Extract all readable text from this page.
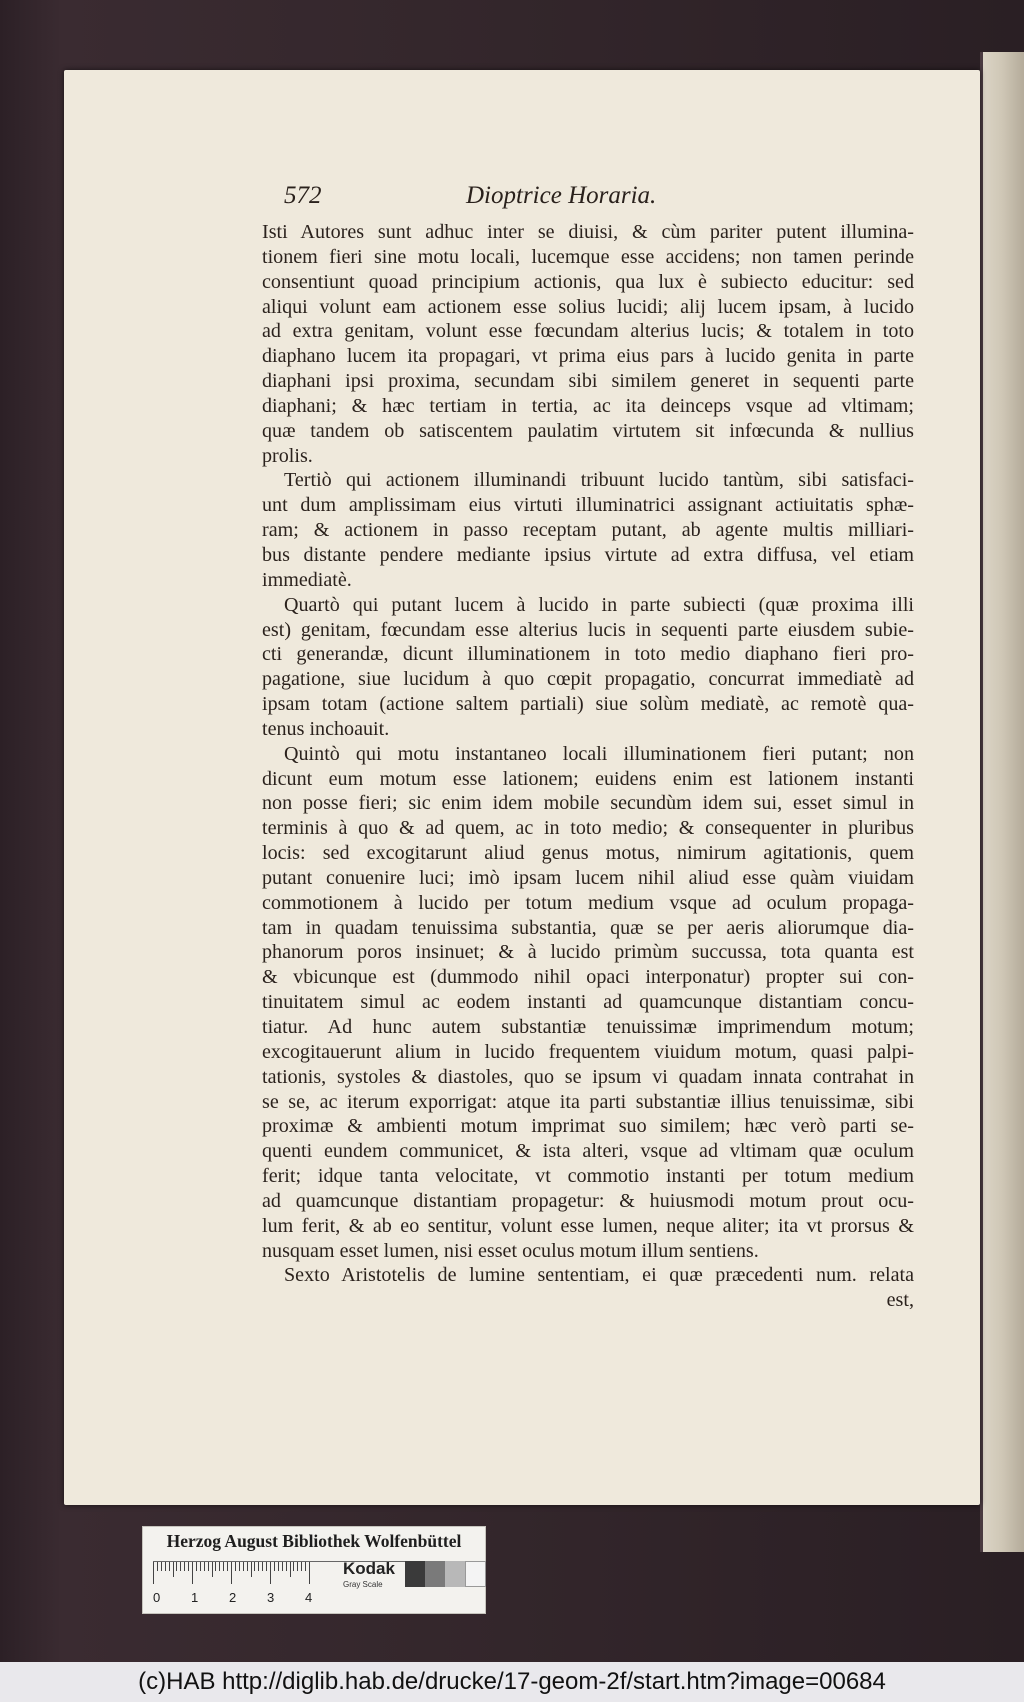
572	Dioptrice Horaria.
Isti Autores sunt adhuc inter se diuisi, & cùm pariter putent illumina-
tionem fieri sine motu locali, lucemque esse accidens; non tamen perinde
consentiunt quoad principium actionis, qua lux è subiecto educitur: sed
aliqui volunt eam actionem esse solius lucidi; alij lucem ipsam, à lucido
ad extra genitam, volunt esse fœcundam alterius lucis; & totalem in toto
diaphano lucem ita propagari, vt prima eius pars à lucido genita in parte
diaphani ipsi proxima, secundam sibi similem generet in sequenti parte
diaphani; & hæc tertiam in tertia, ac ita deinceps vsque ad vltimam;
quæ tandem ob satiscentem paulatim virtutem sit infœcunda & nullius
prolis.
Tertiò qui actionem illuminandi tribuunt lucido tantùm, sibi satisfaci-
unt dum amplissimam eius virtuti illuminatrici assignant actiuitatis sphæ-
ram; & actionem in passo receptam putant, ab agente multis milliari-
bus distante pendere mediante ipsius virtute ad extra diffusa, vel etiam
immediatè.
Quartò qui putant lucem à lucido in parte subiecti (quæ proxima illi
est) genitam, fœcundam esse alterius lucis in sequenti parte eiusdem subie-
cti generandæ, dicunt illuminationem in toto medio diaphano fieri pro-
pagatione, siue lucidum à quo cœpit propagatio, concurrat immediatè ad
ipsam totam (actione saltem partiali) siue solùm mediatè, ac remotè qua-
tenus inchoauit.
Quintò qui motu instantaneo locali illuminationem fieri putant; non
dicunt eum motum esse lationem; euidens enim est lationem instanti
non posse fieri; sic enim idem mobile secundùm idem sui, esset simul in
terminis à quo & ad quem, ac in toto medio; & consequenter in pluribus
locis: sed excogitarunt aliud genus motus, nimirum agitationis, quem
putant conuenire luci; imò ipsam lucem nihil aliud esse quàm viuidam
commotionem à lucido per totum medium vsque ad oculum propaga-
tam in quadam tenuissima substantia, quæ se per aeris aliorumque dia-
phanorum poros insinuet; & à lucido primùm succussa, tota quanta est
& vbicunque est (dummodo nihil opaci interponatur) propter sui con-
tinuitatem simul ac eodem instanti ad quamcunque distantiam concu-
tiatur. Ad hunc autem substantiæ tenuissimæ imprimendum motum;
excogitauerunt alium in lucido frequentem viuidum motum, quasi palpi-
tationis, systoles & diastoles, quo se ipsum vi quadam innata contrahat in
se se, ac iterum exporrigat: atque ita parti substantiæ illius tenuissimæ, sibi
proximæ & ambienti motum imprimat suo similem; hæc verò parti se-
quenti eundem communicet, & ista alteri, vsque ad vltimam quæ oculum
ferit; idque tanta velocitate, vt commotio instanti per totum medium
ad quamcunque distantiam propagetur: & huiusmodi motum prout ocu-
lum ferit, & ab eo sentitur, volunt esse lumen, neque aliter; ita vt prorsus &
nusquam esset lumen, nisi esset oculus motum illum sentiens.
Sexto Aristotelis de lumine sententiam, ei quæ præcedenti num. relata
est,
Herzog August Bibliothek Wolfenbüttel
0 1 2 3 4
Kodak
Gray Scale
(c)HAB http://diglib.hab.de/drucke/17-geom-2f/start.htm?image=00684
